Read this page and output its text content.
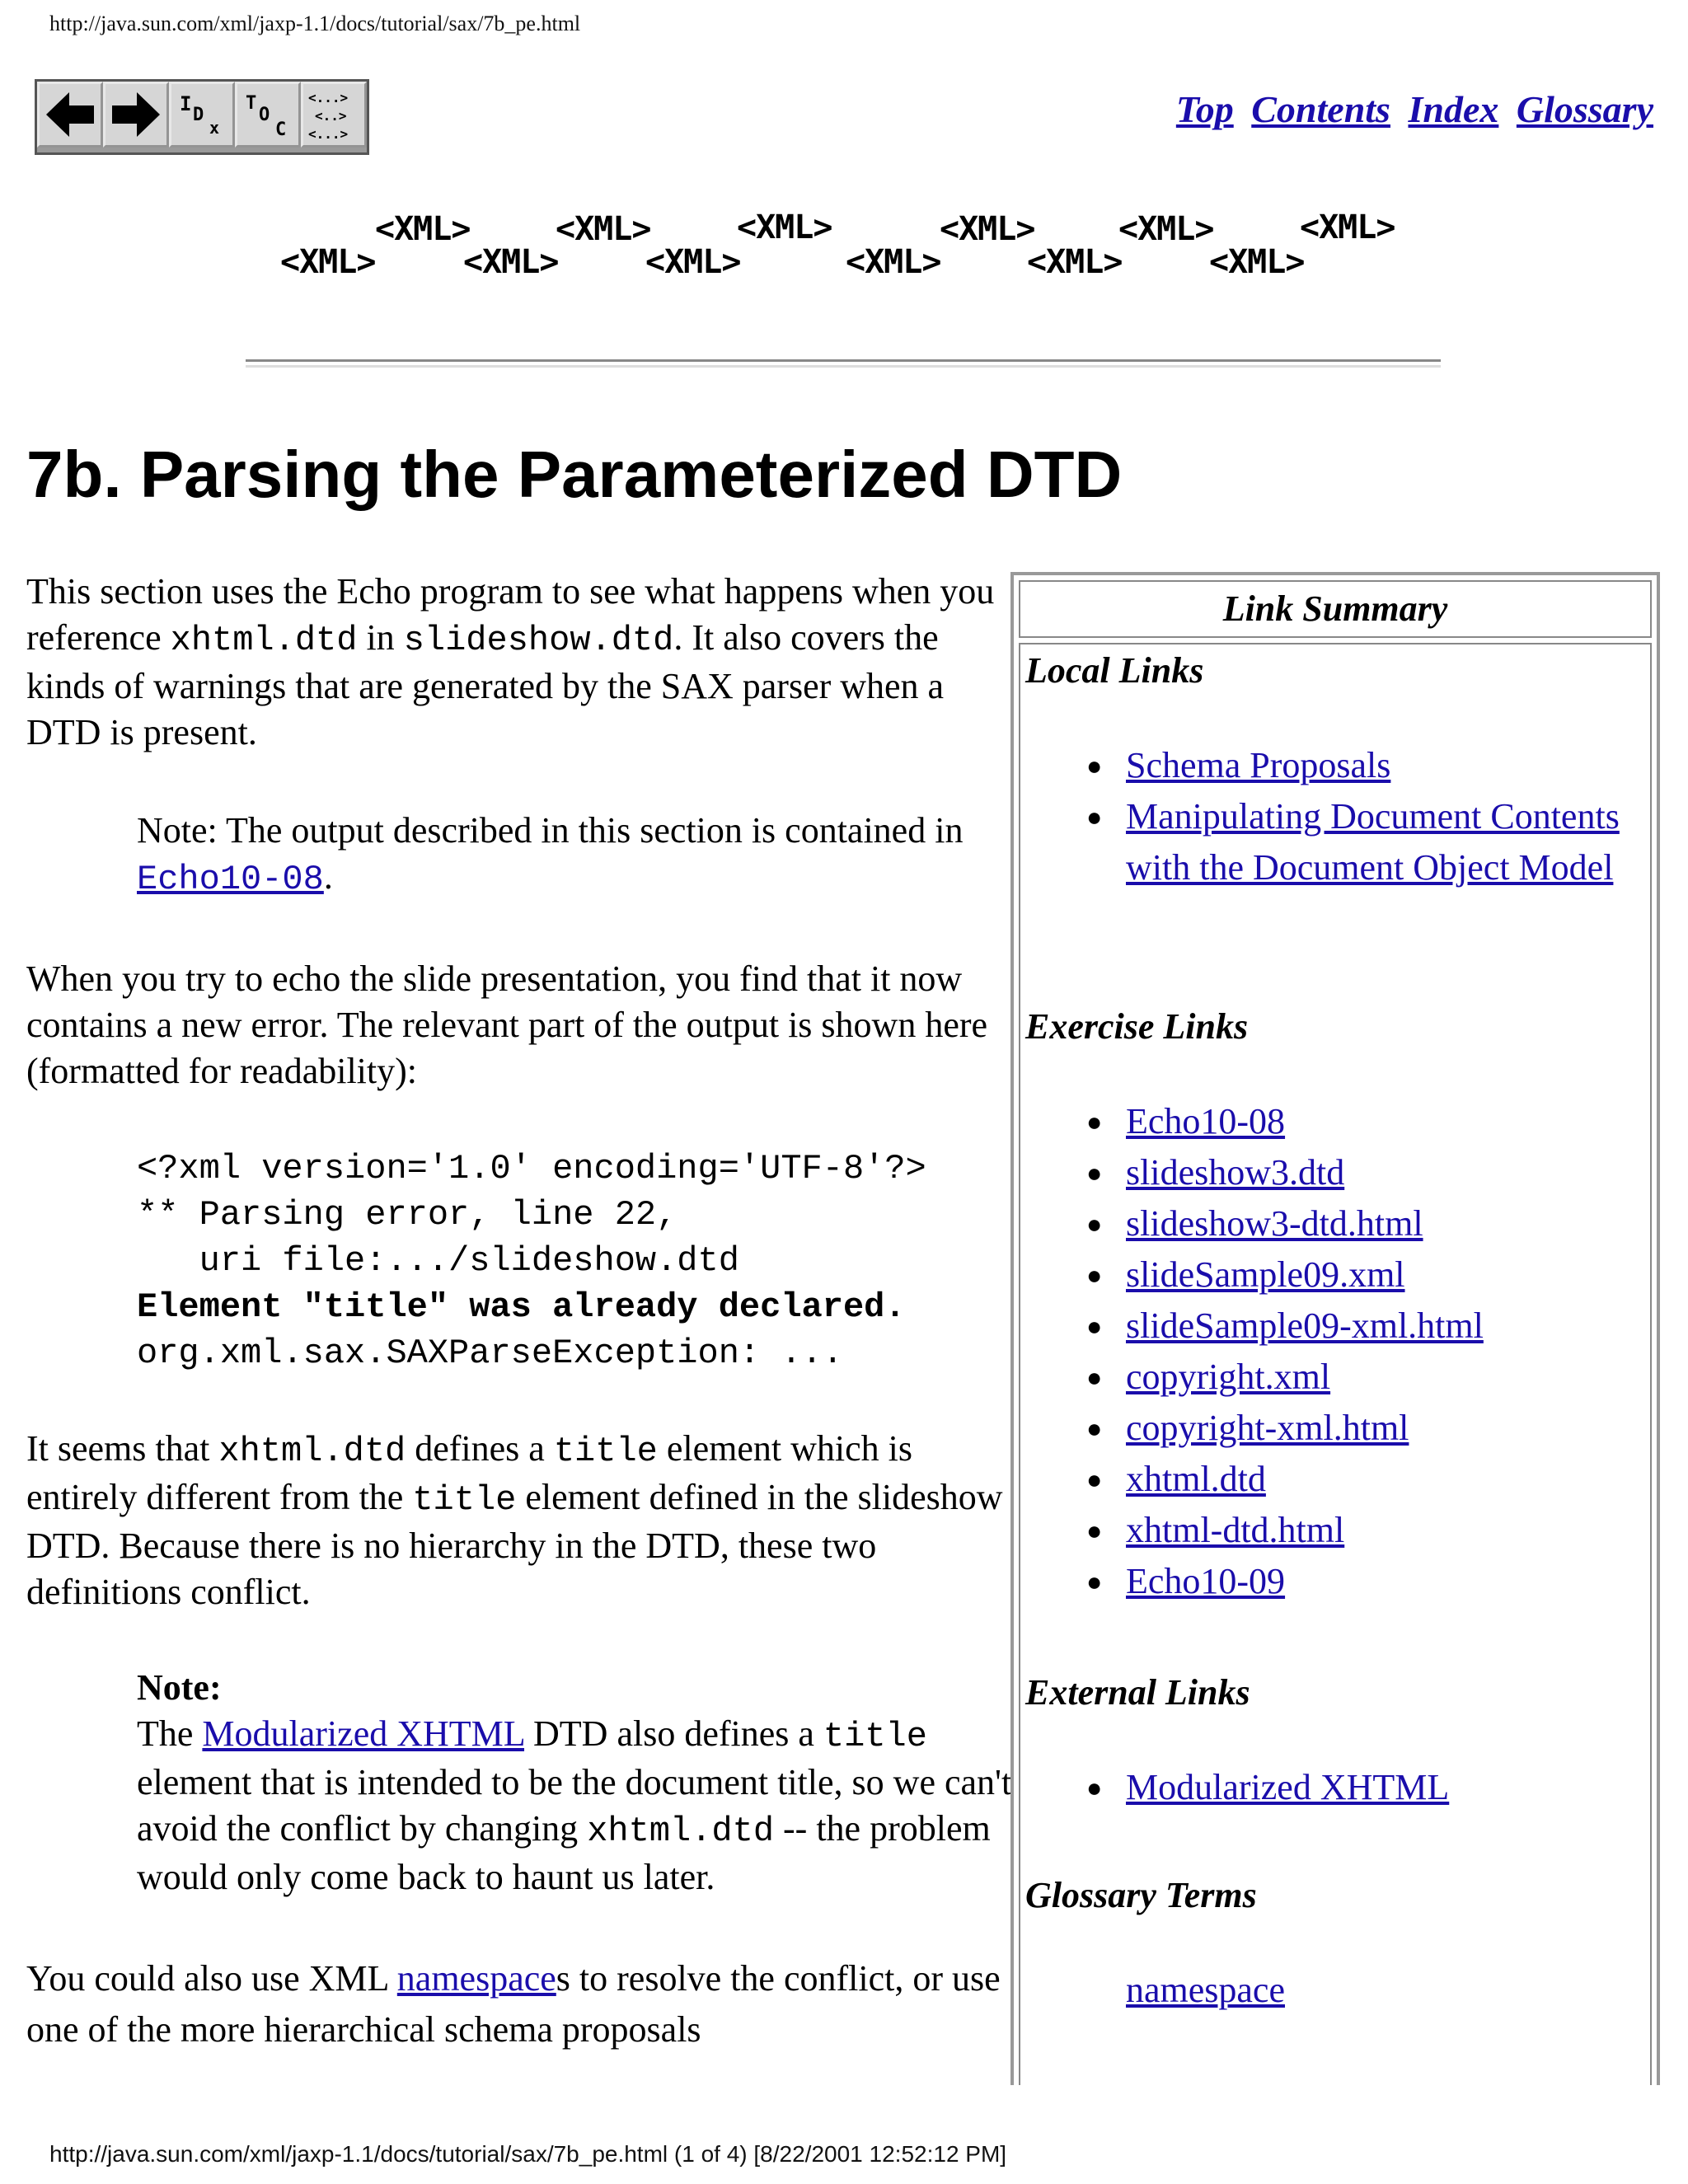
http://java.sun.com/xml/jaxp-1.1/docs/tutorial/sax/7b_pe.html
I D
x
T
O
C
<...>
<..>
<...>
Top Contents Index Glossary
<XML>
<XML>
<XML>
<XML>
<XML>
<XML>
<XML>
<XML>
<XML>
<XML>
<XML>
<XML>
7b. Parsing the Parameterized DTD

This section uses the Echo program to see what happens when you reference xhtml.dtd in slideshow.dtd. It also covers the kinds of warnings that are generated by the SAX parser when a DTD is present.

Note: The output described in this section is contained in Echo10-08.

When you try to echo the slide presentation, you find that it now contains a new error. The relevant part of the output is shown here (formatted for readability):

<?xml version='1.0' encoding='UTF-8'?>
** Parsing error, line 22,
uri file:.../slideshow.dtd
Element "title" was already declared.
org.xml.sax.SAXParseException: ...

It seems that xhtml.dtd defines a title element which is entirely different from the title element defined in the slideshow DTD. Because there is no hierarchy in the DTD, these two definitions conflict.

Note:
The Modularized XHTML DTD also defines a title element that is intended to be the document title, so we can't avoid the conflict by changing xhtml.dtd -- the problem would only come back to haunt us later.

You could also use XML namespaces to resolve the conflict, or use one of the more hierarchical schema proposals

Link Summary
Local Links
● Schema Proposals
● Manipulating Document Contents with the Document Object Model
Exercise Links
● Echo10-08
● slideshow3.dtd
● slideshow3-dtd.html
● slideSample09.xml
● slideSample09-xml.html
● copyright.xml
● copyright-xml.html
● xhtml.dtd
● xhtml-dtd.html
● Echo10-09
External Links
● Modularized XHTML
Glossary Terms
namespace
http://java.sun.com/xml/jaxp-1.1/docs/tutorial/sax/7b_pe.html (1 of 4) [8/22/2001 12:52:12 PM]
